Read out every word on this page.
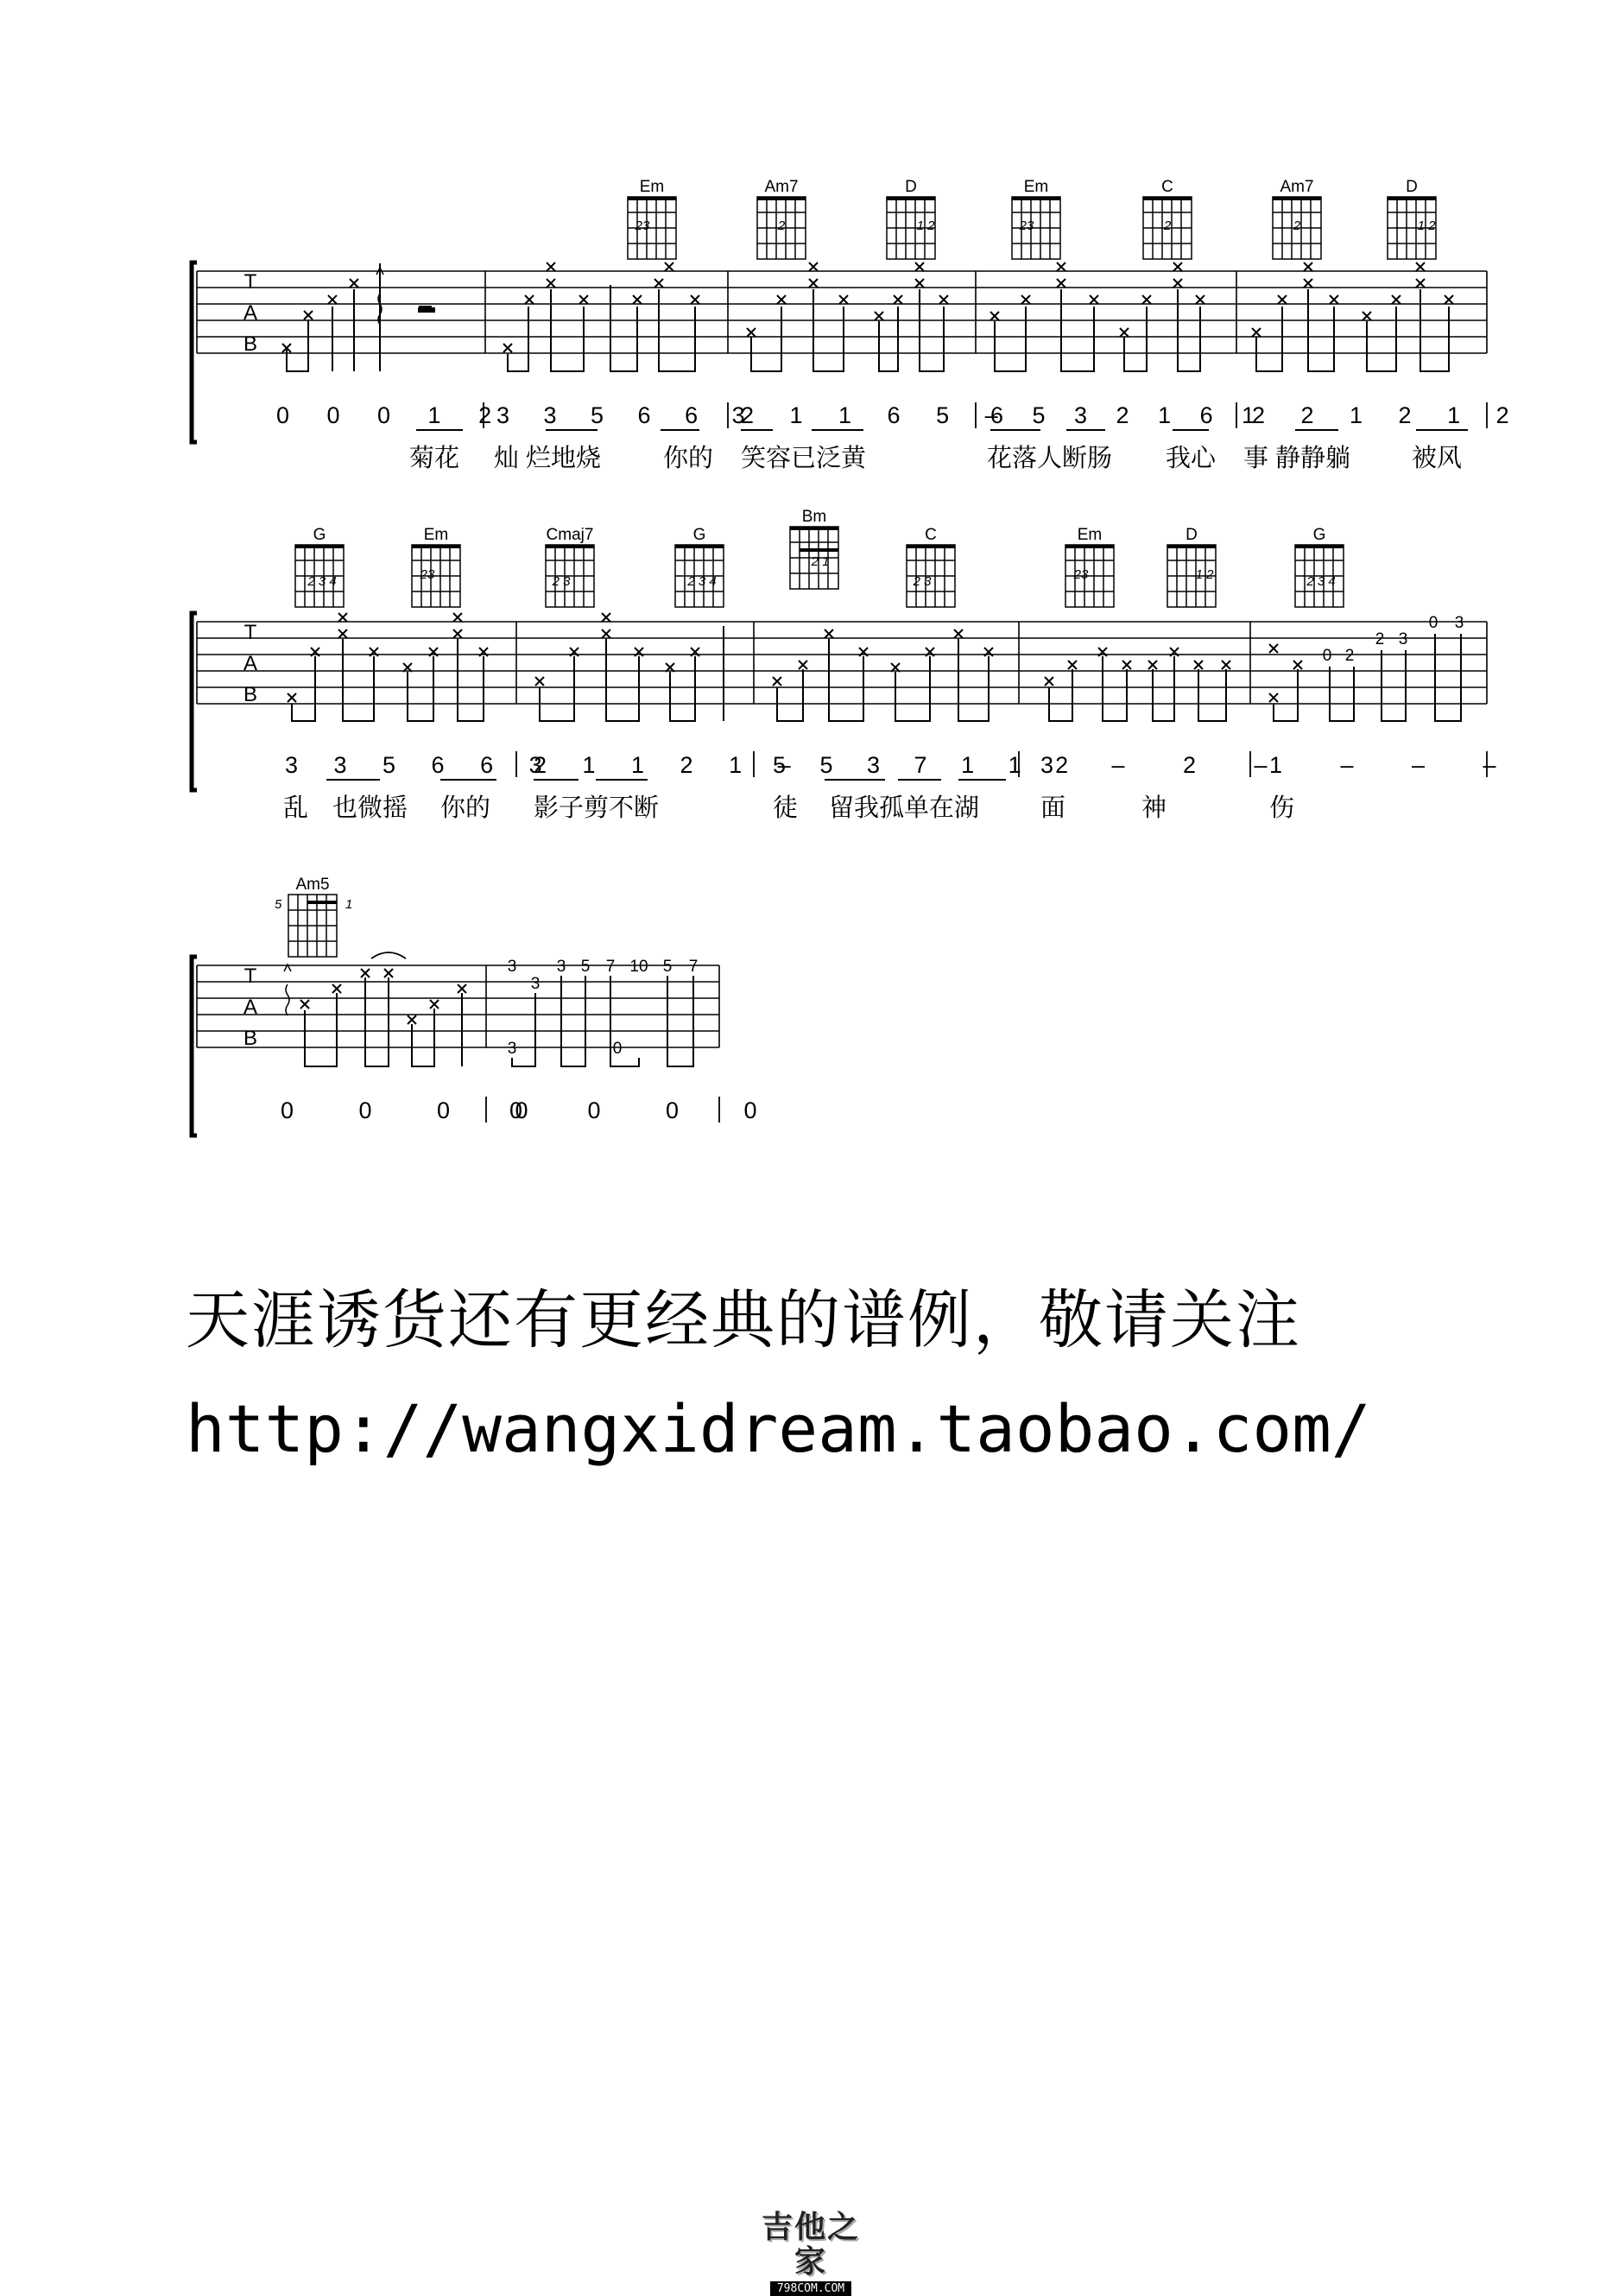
Em	Am7	D	Em	C	Am7	D
23	2	1 2	23	2	2	1 2
T
A
B
0 0 0 1 2
3 3 5 6 6 3
2 1 1 6 5 –
6 5 3 2 1 6 1
2 2 1 2 1 2
菊花 灿 烂地烧 你的 笑容已泛黄	花落人断肠 我心 事 静静躺 被风
G	Em	Cmaj7	G
Bm
C	Em	D	G
2 3 4	23	2 3	2 3 4
2 1
2 3	23	1 2	2 3 4
T
A
B
0 2
2 3
0 3
3 3 5 6 6 3
2 1 1 2 1 –
5 5 3 7 1 1 2
3 – 2 –
1 – – –
乱 也微摇 你的 影子剪不断	徒 留我孤单在湖 面	神	伤
Am5
5	1
T
A
B
3
3
3 5 7 10 5 7
3	0
0 0 0 0
0 0 0 0
天涯诱货还有更经典的谱例，敬请关注
http://wangxidream.taobao.com/
吉他之家
798COM.COM
